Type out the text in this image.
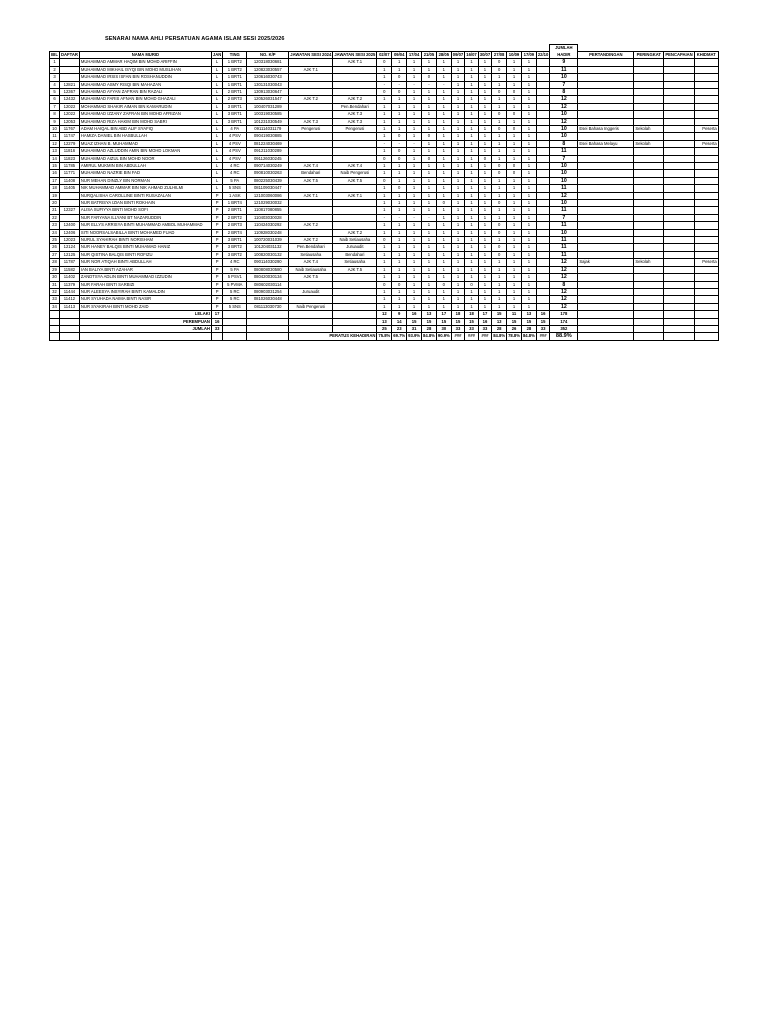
SENARAI NAMA AHLI PERSATUAN AGAMA ISLAM SESI 2025/2026
																				JUMLAH				
BIL	DAFTAR	NAMA MURID	JAN	TING	NO. K/P	JAWATAN SESI 2024	JAWATAN SESI 2025	02/07	09/04	17/04	21/05	28/05	09/07	16/07	30/07	27/08	10/09	17/09	22/10	HADIR	PERTANDINGAN	PERINGKAT	PENCAPAIAN	KHIDMAT
1		MUHAMMAD AMMAR HAQIM BIN MOHD ARIFFIN	L	1 BRT2	120318030681		AJK T.1	0	1	1	1	1	1	1	1	0	1	1		9				
2		MUHAMMAD MIKHAIL ISYQI BIN MOHD MUSLIHAN	L	1 BRT2	120823030557	AJK T.1		1	1	1	1	1	1	1	1	0	1	1		11				
3		MUHAMMAD IRSIS ISFAN BIN ROSHANUDDIN	L	1 BRT1	120616030743			1	0	1	0	1	1	1	1	1	1	1		10				
4	12821	MUHAMMAD ASMY RISQI BIN MAHAZAN	L	1 BRT1	130131030043			-	-	-	-	-	1	1	1	1	1	1		7				
5	12367	MUHAMMAD AYYAN ZAFRAN BIN RAZALI	L	2 BRT1	130913030647			0	0	1	1	1	1	1	1	0	0	1		8				
6	12432	MUHAMMAD FARIS AFNAN BIN MOHD GHAZALI	L	2 BRT3	120526031547	AJK T.2	AJK T.2	1	1	1	1	1	1	1	1	1	1	1		12				
7	12022	MOHAMMAD SHAKIR AIMAN BIN KAMARUDIN	L	3 BRT1	100407031289		Pen.Bendahari	1	1	1	1	1	1	1	1	1	1	1		12				
8	12022	MUHAMMAD IZZANY ZAFRAN BIN MOHD AFRIZAN	L	3 BRT1	100319030585		AJK T.3	1	1	1	1	1	1	1	1	0	0	1		10				
9	12053	MUHAMMAD RIZA HAKIM BIN MOHD SABRI	L	3 BRT1	101231030549	AJK T.3	AJK T.3	1	1	1	1	1	1	1	1	1	1	1		12				
10	11767	ADAM HAIQAL BIN ABD ALIF SYAFIQ	L	4 PA	091114031179	Pengerusi	Pengerusi	1	1	1	1	1	1	1	1	0	0	1		10	Esei Bahasa Inggeris	Sekolah		Peserta
11	11747	HAMIZA DANIEL BIN HASBULLAH	L	4 PSV	090419030885			1	0	1	0	1	1	1	1	1	1	1		10				
12	12279	MUAZ IZHAN B. MUHAMMAD	L	4 PSV	081224030469			-	-	-	1	1	1	1	1	1	1	1		8	Esei Bahasa Melayu	Sekolah		Peserta
13	11816	MUHAMMAD AZLUDDIN AMIN BIN MOHD LOKMAN	L	4 PSV	091211030289			1	0	1	1	1	1	1	1	1	1	1		11				
14	11823	MUHAMMAD AIZUL BIN MOHD NOOR	L	4 PSV	091126030245			0	0	1	0	1	1	1	0	1	1	1		7				
15	11785	AMIRUL MUKMIN BIN ABDULLAH	L	4 RC	090714030249	AJK T.4	AJK T.4	1	1	1	1	1	1	1	1	0	0	1		10				
16	11771	MUHAMMAD NAZRIE BIN FAD	L	4 RC	090810030263	Bendahari	Naib Pengerusi	1	1	1	1	1	1	1	1	0	0	1		10				
17	11408	NUR MEHAN DINZLY BIN NORMAN	L	5 PA	080225030439	AJK T.5	AJK T.5	0	1	1	1	1	1	1	1	1	1	1		10				
18	11405	NIK MUHAMMAD AMMAR BIN NIK AHMAD ZULHILMI	L	5 SNS	081109030447			1	0	1	1	1	1	1	1	1	1	1		11				
19		NURQALISHA CAROLLINE BINTI RUSAZALAN	P	1 ASK	121003060086	AJK T.1	AJK T.1	1	1	1	1	1	1	1	1	1	1	1		12				
20		NUR BATRISYA IZIAN BINTI ROKHAIN	P	1 BRT4	121029030032			1	1	1	1	0	1	1	1	0	1	1		10				
21	12327	ALISA SUFIYYA BINTI MOHD SOFI	P	2 BRT1	110817080855			1	1	1	1	1	1	1	1	1	1	1		11				
22		NUR FARYANA ILLYANI BT NAZARUDDIN	P	2 BRT2	110403030028			-	-	-	-	1	1	1	1	1	1	1		7				
23	12400	NUR ELLYS ARRISYA BINTI MUHAMMAD AMBOL MUHAMMAD	P	2 BRT3	110424030292	AJK T.2		1	1	1	1	1	1	1	1	0	1	1		11				
24	12406	SITI NOORSALSABILLA BINTI MOHAMED FUAD	P	2 BRT4	110928030248		AJK T.2	1	1	1	1	1	1	1	1	0	1	1		10				
25	12023	NURUL SYAHIRAH BINTI NORISHAM	P	3 BRT1	100720031039	AJK T.2	Naib Setiausaha	0	1	1	1	1	1	1	1	1	1	1		11				
26	12124	NUR HANEY BALQIS BINTI MUHAMAD HANIZ	P	3 BRT2	101204031132	Pen.Bendahari	Juruaudit	1	1	1	1	1	1	1	1	0	1	1		11				
27	12125	NUR QISTINA BALQIS BINTI ROFIZU	P	3 BRT2	100820030132	Setiausaha	Bendahari	1	1	1	1	1	1	1	1	0	1	1		11				
28	11787	NUR NOR ATIQAH BINTI ABDULLAH	P	4 RC	090114030290	AJK T.4	Setiausaha	1	1	1	1	1	1	1	1	1	1	1		12	Sajak	Sekolah		Peserta
29	11582	IAN BALIYA BINTI AZAHAR	P	5 PA	080808030580	Naib Setiausaha	AJK T.5	1	1	1	1	1	1	1	1	1	1	1		12				
30	11402	ZANDTSYA ADLIN BINTI MUHAMMAD IZZUDIN	P	5 PSV1	080420030134	AJK T.5		1	1	1	1	1	1	1	1	1	1	1		12				
31	11379	NUR FARAH BINTI SARBIZI	P	5 PVMA	080602030114			0	0	1	1	0	1	0	1	1	1	1		8				
32	11444	NUR ALEESYA INSYIRAH BINTI KAMALDIN	P	5 RC	080903031254	Juruaudit		1	1	1	1	1	1	1	1	1	1	1		12				
33	11412	NUR SYUHADA NAIMA BINTI NASIR	P	5 RC	081026030448			1	1	1	1	1	1	1	1	1	1	1		12				
34	11413	NUR SYAKIRAH BINTI MOHD ZAID	P	5 SNS	081113030730	Naib Pengerusi		1	1	1	1	1	1	1	1	1	1	1		12				
		LELAKI	17					12	9	16	13	17	18	18	17	15	11	13	16	178				
		PEREMPUAN	16					13	14	15	15	15	15	15	16	13	15	15	15	174				
		JUMLAH	33					25	23	31	28	30	33	33	33	28	26	28	33	352				
						PERATUS KEHADIRAN		75.8%	69.7%	93.9%	84.8%	90.9%	###	###	###	84.8%	78.8%	84.8%	###	88.9%				
